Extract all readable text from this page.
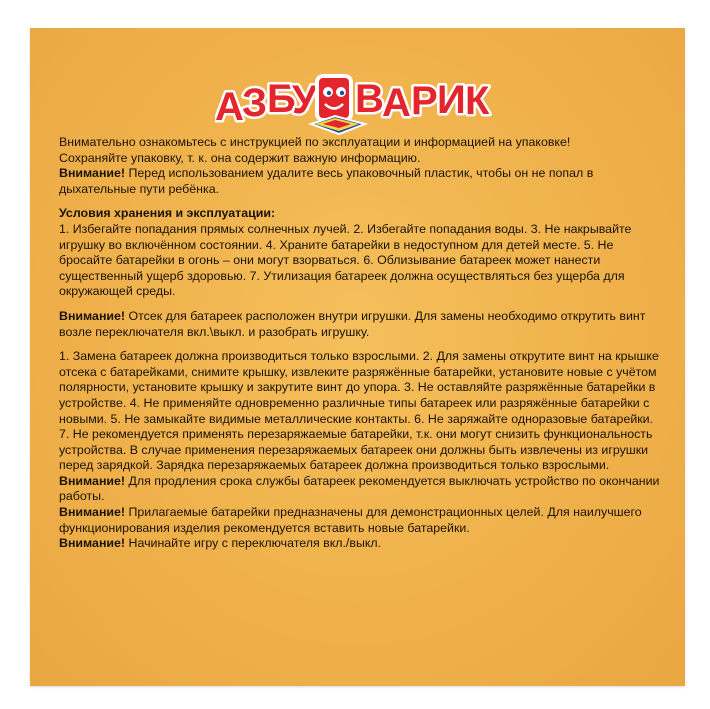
А
З Б
У В
А Р И К

Внимательно ознакомьтесь с инструкцией по эксплуатации и информацией на упаковке!

Сохраняйте упаковку, т. к. она содержит важную информацию.

Внимание! Перед использованием удалите весь упаковочный пластик, чтобы он не попал в дыхательные пути ребёнка.

Условия хранения и эксплуатации:

1. Избегайте попадания прямых солнечных лучей. 2. Избегайте попадания воды. 3. Не накрывайте игрушку во включённом состоянии. 4. Храните батарейки в недоступном для детей месте. 5. Не бросайте батарейки в огонь – они могут взорваться. 6. Облизывание батареек может нанести существенный ущерб здоровью. 7. Утилизация батареек должна осуществляться без ущерба для окружающей среды.

Внимание! Отсек для батареек расположен внутри игрушки. Для замены необходимо открутить винт возле переключателя вкл.\выкл. и разобрать игрушку.

1. Замена батареек должна производиться только взрослыми. 2. Для замены открутите винт на крышке отсека с батарейками, снимите крышку, извлеките разряжённые батарейки, установите новые с учётом полярности, установите крышку и закрутите винт до упора. 3. Не оставляйте разряжённые батарейки в устройстве. 4. Не применяйте одновременно различные типы батареек или разряжённые батарейки с новыми. 5. Не замыкайте видимые металлические контакты. 6. Не заряжайте одноразовые батарейки. 7. Не рекомендуется применять перезаряжаемые батарейки, т.к. они могут снизить функциональность устройства. В случае применения перезаряжаемых батареек они должны быть извлечены из игрушки перед зарядкой. Зарядка перезаряжаемых батареек должна производиться только взрослыми.

Внимание! Для продления срока службы батареек рекомендуется выключать устройство по окончании работы.

Внимание! Прилагаемые батарейки предназначены для демонстрационных целей. Для наилучшего функционирования изделия рекомендуется вставить новые батарейки.

Внимание! Начинайте игру с переключателя вкл./выкл.
